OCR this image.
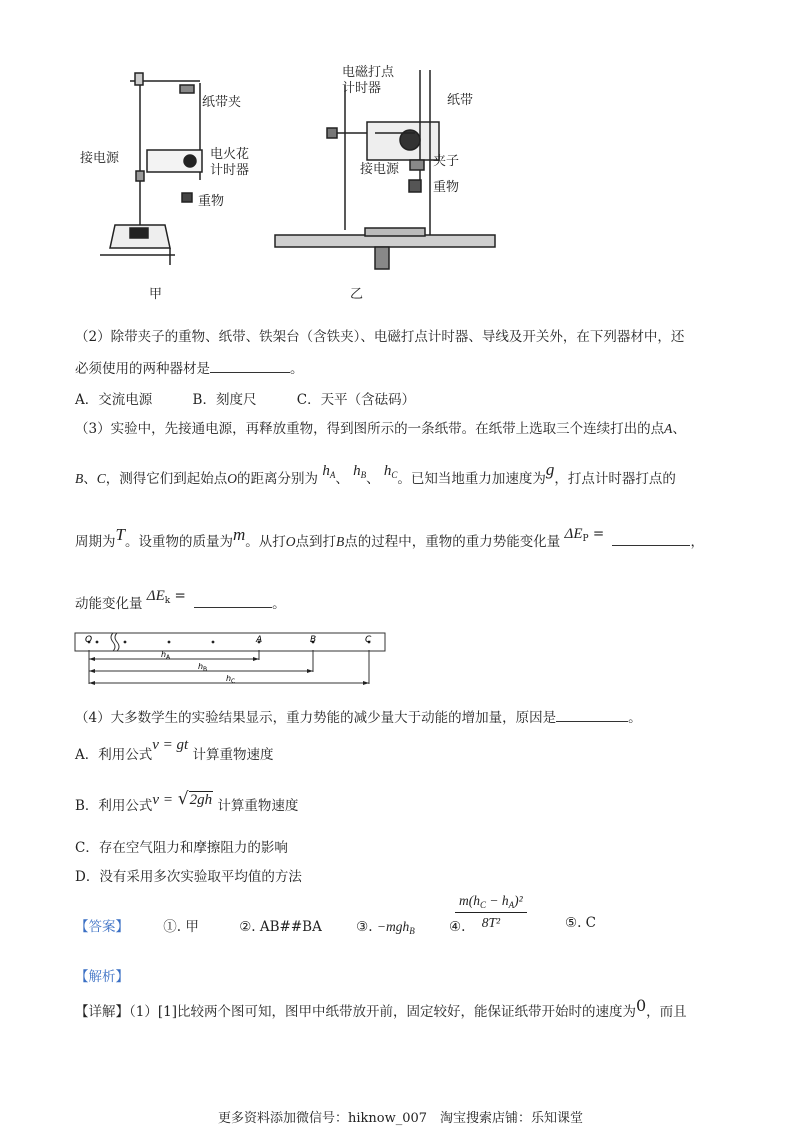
纸带夹
接电源	电火花
计时器
重物
甲
电磁打点
计时器
纸带
接电源
夹子
重物
乙
（2）除带夹子的重物、纸带、铁架台（含铁夹）、电磁打点计时器、导线及开关外，在下列器材中，还
必须使用的两种器材是	。
A．交流电源	B．刻度尺	C．天平（含砝码）
（3）实验中，先接通电源，再释放重物，得到图所示的一条纸带。在纸带上选取三个连续打出的点A、
B、C，测得它们到起始点O的距离分别为 $h_A$、 $h_B$、 $h_C$。已知当地重力加速度为g，打点计时器打点的
周期为T。设重物的质量为m。从打O点到打B点的过程中，重物的重力势能变化量 $\Delta E_P$ =	，
动能变化量 $\Delta E_k$ =	。
O	A	B	C
h A
h B
h C
（4）大多数学生的实验结果显示，重力势能的减少量大于动能的增加量，原因是	。
A．利用公式v = gt 计算重物速度
B．利用公式v = √2gh 计算重物速度
C．存在空气阻力和摩擦阻力的影响
D．没有采用多次实验取平均值的方法
【答案】	①. 甲	②. AB##BA	③. −mgh$_B$	④.
$\frac{m(h_C - h_A)^2}{\text{8T²}}$	⑤. C
【解析】
【详解】（1）[1]比较两个图可知，图甲中纸带放开前，固定较好，能保证纸带开始时的速度为0，而且
更多资料添加微信号：hiknow_007　淘宝搜索店铺：乐知课堂
